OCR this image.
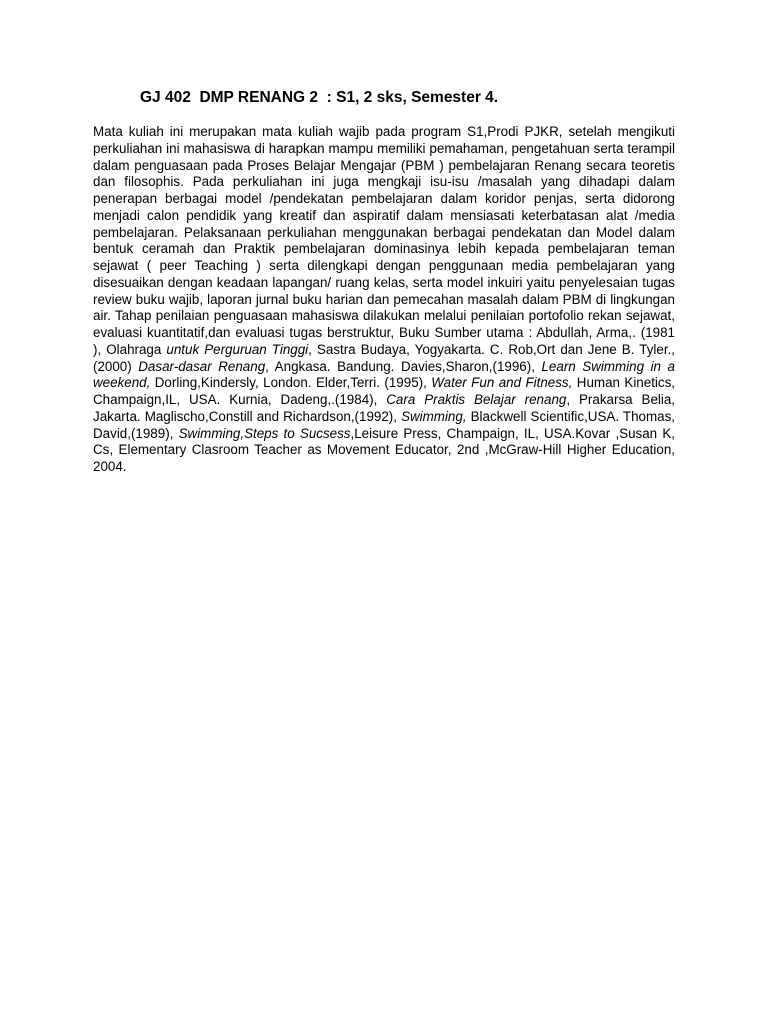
GJ 402  DMP RENANG 2  : S1, 2 sks, Semester 4.

Mata kuliah ini merupakan mata kuliah wajib pada program S1,Prodi PJKR, setelah mengikuti perkuliahan ini mahasiswa di harapkan mampu memiliki pemahaman, pengetahuan serta terampil dalam penguasaan pada Proses Belajar Mengajar (PBM ) pembelajaran Renang secara teoretis dan filosophis. Pada perkuliahan ini juga mengkaji isu-isu /masalah yang dihadapi dalam penerapan berbagai model /pendekatan pembelajaran dalam koridor penjas, serta didorong menjadi calon pendidik yang kreatif dan aspiratif dalam mensiasati keterbatasan alat /media pembelajaran. Pelaksanaan perkuliahan menggunakan berbagai pendekatan dan Model dalam bentuk ceramah dan Praktik pembelajaran dominasinya lebih kepada pembelajaran teman sejawat ( peer Teaching ) serta dilengkapi dengan penggunaan media pembelajaran yang disesuaikan dengan keadaan lapangan/ ruang kelas, serta model inkuiri yaitu penyelesaian tugas review buku wajib, laporan jurnal buku harian dan pemecahan masalah dalam PBM di lingkungan air. Tahap penilaian penguasaan mahasiswa dilakukan melalui penilaian portofolio rekan sejawat, evaluasi kuantitatif,dan evaluasi tugas berstruktur, Buku Sumber utama : Abdullah, Arma,. (1981 ), Olahraga untuk Perguruan Tinggi, Sastra Budaya, Yogyakarta. C. Rob,Ort dan Jene B. Tyler.,(2000) Dasar-dasar Renang, Angkasa. Bandung. Davies,Sharon,(1996), Learn Swimming in a weekend, Dorling,Kindersly, London. Elder,Terri. (1995), Water Fun and Fitness, Human Kinetics, Champaign,IL, USA. Kurnia, Dadeng,.(1984), Cara Praktis Belajar renang, Prakarsa Belia, Jakarta. Maglischo,Constill and Richardson,(1992), Swimming, Blackwell Scientific,USA. Thomas, David,(1989), Swimming,Steps to Sucsess,Leisure Press, Champaign, IL, USA.Kovar ,Susan K, Cs, Elementary Clasroom Teacher as Movement Educator, 2nd ,McGraw-Hill Higher Education, 2004.
